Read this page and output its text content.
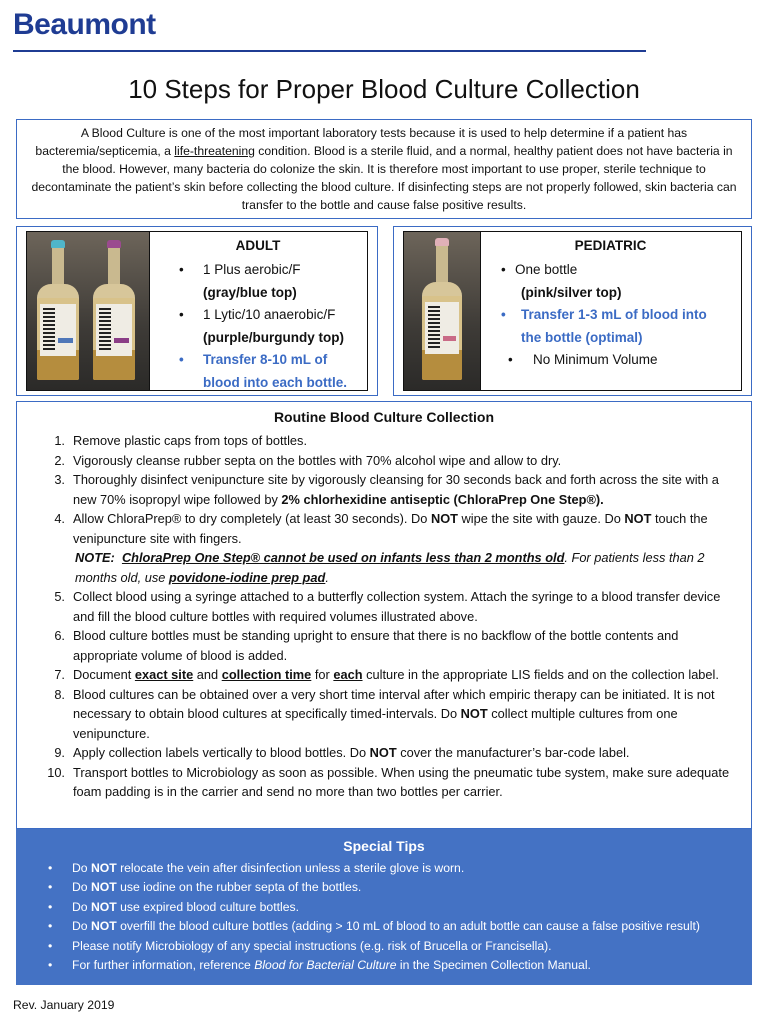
Beaumont
10 Steps for Proper Blood Culture Collection
A Blood Culture is one of the most important laboratory tests because it is used to help determine if a patient has bacteremia/septicemia, a life-threatening condition. Blood is a sterile fluid, and a normal, healthy patient does not have bacteria in the blood. However, many bacteria do colonize the skin. It is therefore most important to use proper, sterile technique to decontaminate the patient’s skin before collecting the blood culture. If disinfecting steps are not properly followed, skin bacteria can transfer to the bottle and cause false positive results.
ADULT
• 1 Plus aerobic/F
(gray/blue top)
• 1 Lytic/10 anaerobic/F
(purple/burgundy top)
• Transfer 8-10 mL of
blood into each bottle.
PEDIATRIC
• One bottle
(pink/silver top)
• Transfer 1-3 mL of blood into
the bottle (optimal)
• No Minimum Volume
Routine Blood Culture Collection
1. Remove plastic caps from tops of bottles.
2. Vigorously cleanse rubber septa on the bottles with 70% alcohol wipe and allow to dry.
3. Thoroughly disinfect venipuncture site by vigorously cleansing for 30 seconds back and forth across the site with a new 70% isopropyl wipe followed by 2% chlorhexidine antiseptic (ChloraPrep One Step®).
4. Allow ChloraPrep® to dry completely (at least 30 seconds). Do NOT wipe the site with gauze. Do NOT touch the venipuncture site with fingers.
NOTE: ChloraPrep One Step® cannot be used on infants less than 2 months old. For patients less than 2 months old, use povidone-iodine prep pad.
5. Collect blood using a syringe attached to a butterfly collection system. Attach the syringe to a blood transfer device and fill the blood culture bottles with required volumes illustrated above.
6. Blood culture bottles must be standing upright to ensure that there is no backflow of the bottle contents and appropriate volume of blood is added.
7. Document exact site and collection time for each culture in the appropriate LIS fields and on the collection label.
8. Blood cultures can be obtained over a very short time interval after which empiric therapy can be initiated. It is not necessary to obtain blood cultures at specifically timed-intervals. Do NOT collect multiple cultures from one venipuncture.
9. Apply collection labels vertically to blood bottles. Do NOT cover the manufacturer’s bar-code label.
10. Transport bottles to Microbiology as soon as possible. When using the pneumatic tube system, make sure adequate foam padding is in the carrier and send no more than two bottles per carrier.
Special Tips
• Do NOT relocate the vein after disinfection unless a sterile glove is worn.
• Do NOT use iodine on the rubber septa of the bottles.
• Do NOT use expired blood culture bottles.
• Do NOT overfill the blood culture bottles (adding > 10 mL of blood to an adult bottle can cause a false positive result)
• Please notify Microbiology of any special instructions (e.g. risk of Brucella or Francisella).
• For further information, reference Blood for Bacterial Culture in the Specimen Collection Manual.
Rev. January 2019
